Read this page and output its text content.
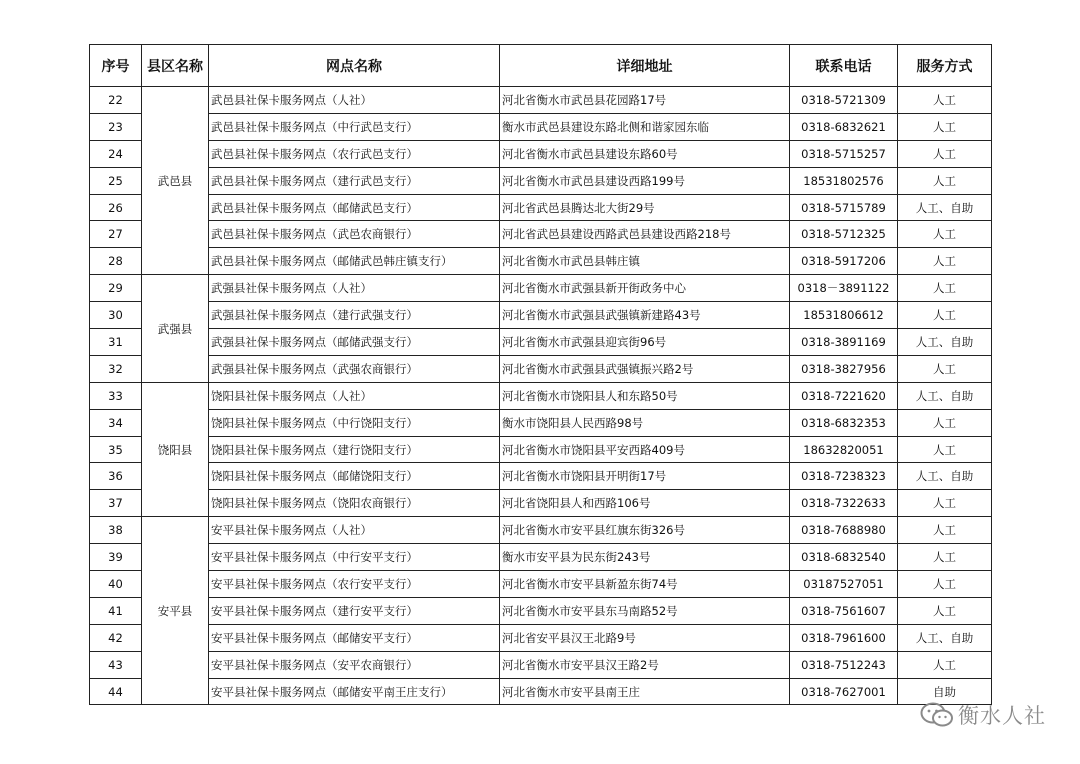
序号	县区名称	网点名称	详细地址	联系电话	服务方式
22	武邑县	武邑县社保卡服务网点（人社）	河北省衡水市武邑县花园路17号	0318-5721309	人工
23		武邑县社保卡服务网点（中行武邑支行）	衡水市武邑县建设东路北侧和谐家园东临	0318-6832621	人工
24		武邑县社保卡服务网点（农行武邑支行）	河北省衡水市武邑县建设东路60号	0318-5715257	人工
25		武邑县社保卡服务网点（建行武邑支行）	河北省衡水市武邑县建设西路199号	18531802576	人工
26		武邑县社保卡服务网点（邮储武邑支行）	河北省武邑县腾达北大街29号	0318-5715789	人工、自助
27		武邑县社保卡服务网点（武邑农商银行）	河北省武邑县建设西路武邑县建设西路218号	0318-5712325	人工
28		武邑县社保卡服务网点（邮储武邑韩庄镇支行）	河北省衡水市武邑县韩庄镇	0318-5917206	人工
29	武强县	武强县社保卡服务网点（人社）	河北省衡水市武强县新开街政务中心	0318－3891122	人工
30		武强县社保卡服务网点（建行武强支行）	河北省衡水市武强县武强镇新建路43号	18531806612	人工
31		武强县社保卡服务网点（邮储武强支行）	河北省衡水市武强县迎宾街96号	0318-3891169	人工、自助
32		武强县社保卡服务网点（武强农商银行）	河北省衡水市武强县武强镇振兴路2号	0318-3827956	人工
33	饶阳县	饶阳县社保卡服务网点（人社）	河北省衡水市饶阳县人和东路50号	0318-7221620	人工、自助
34		饶阳县社保卡服务网点（中行饶阳支行）	衡水市饶阳县人民西路98号	0318-6832353	人工
35		饶阳县社保卡服务网点（建行饶阳支行）	河北省衡水市饶阳县平安西路409号	18632820051	人工
36		饶阳县社保卡服务网点（邮储饶阳支行）	河北省衡水市饶阳县开明街17号	0318-7238323	人工、自助
37		饶阳县社保卡服务网点（饶阳农商银行）	河北省饶阳县人和西路106号	0318-7322633	人工
38	安平县	安平县社保卡服务网点（人社）	河北省衡水市安平县红旗东街326号	0318-7688980	人工
39		安平县社保卡服务网点（中行安平支行）	衡水市安平县为民东街243号	0318-6832540	人工
40		安平县社保卡服务网点（农行安平支行）	河北省衡水市安平县新盈东街74号	03187527051	人工
41		安平县社保卡服务网点（建行安平支行）	河北省衡水市安平县东马南路52号	0318-7561607	人工
42		安平县社保卡服务网点（邮储安平支行）	河北省安平县汉王北路9号	0318-7961600	人工、自助
43		安平县社保卡服务网点（安平农商银行）	河北省衡水市安平县汉王路2号	0318-7512243	人工
44		安平县社保卡服务网点（邮储安平南王庄支行）	河北省衡水市安平县南王庄	0318-7627001	自助
衡水人社
